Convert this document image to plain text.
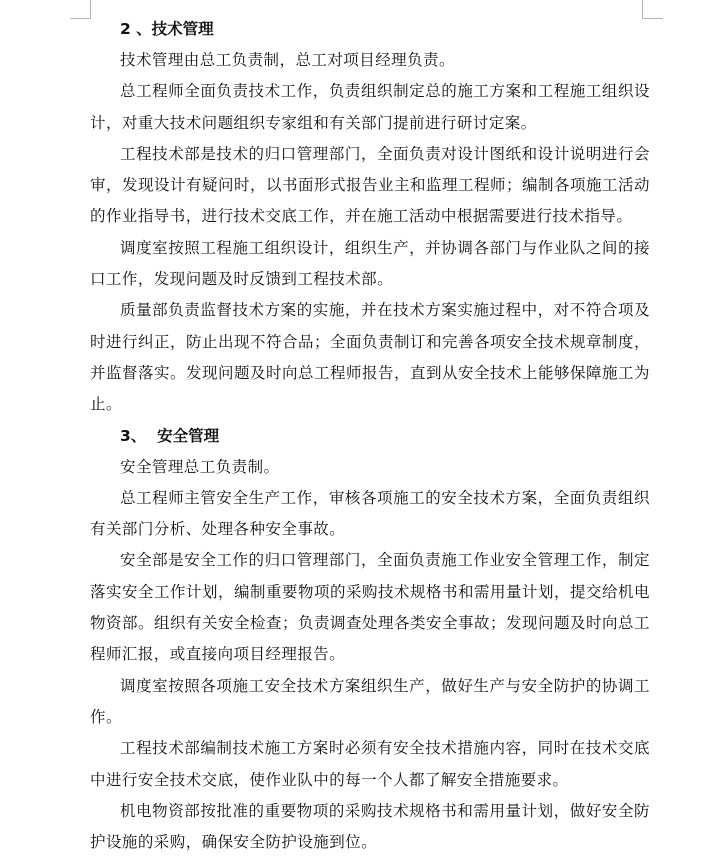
2 、技术管理

技术管理由总工负责制，总工对项目经理负责。

总工程师全面负责技术工作，负责组织制定总的施工方案和工程施工组织设计，对重大技术问题组织专家组和有关部门提前进行研讨定案。

工程技术部是技术的归口管理部门，全面负责对设计图纸和设计说明进行会审，发现设计有疑问时，以书面形式报告业主和监理工程师；编制各项施工活动的作业指导书，进行技术交底工作，并在施工活动中根据需要进行技术指导。

调度室按照工程施工组织设计，组织生产，并协调各部门与作业队之间的接口工作，发现问题及时反馈到工程技术部。

质量部负责监督技术方案的实施，并在技术方案实施过程中，对不符合项及时进行纠正，防止出现不符合品；全面负责制订和完善各项安全技术规章制度，并监督落实。发现问题及时向总工程师报告，直到从安全技术上能够保障施工为止。

3、  安全管理

安全管理总工负责制。

总工程师主管安全生产工作，审核各项施工的安全技术方案，全面负责组织有关部门分析、处理各种安全事故。

安全部是安全工作的归口管理部门，全面负责施工作业安全管理工作，制定落实安全工作计划，编制重要物项的采购技术规格书和需用量计划，提交给机电物资部。组织有关安全检查；负责调查处理各类安全事故；发现问题及时向总工程师汇报，或直接向项目经理报告。

调度室按照各项施工安全技术方案组织生产，做好生产与安全防护的协调工作。

工程技术部编制技术施工方案时必须有安全技术措施内容，同时在技术交底中进行安全技术交底，使作业队中的每一个人都了解安全措施要求。

机电物资部按批准的重要物项的采购技术规格书和需用量计划，做好安全防护设施的采购，确保安全防护设施到位。
